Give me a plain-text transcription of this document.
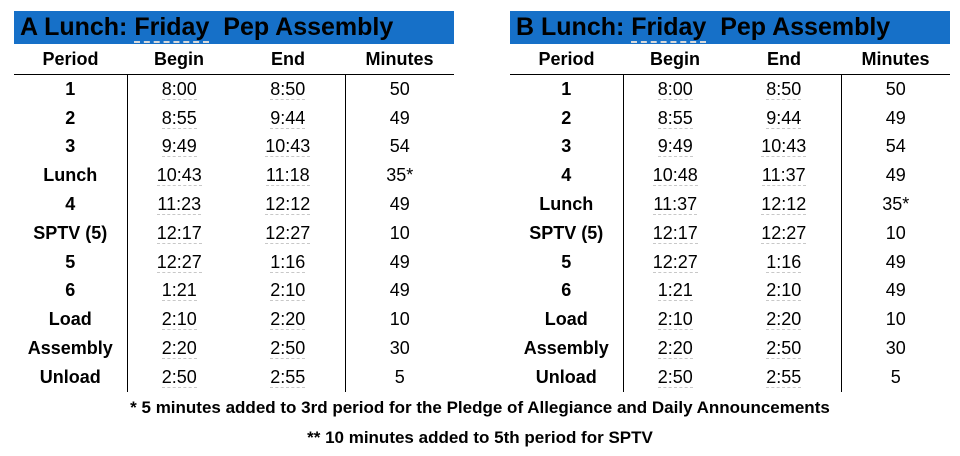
A Lunch: Friday Pep Assembly
Period	Begin	End	Minutes
1	8:00	8:50	50
2	8:55	9:44	49
3	9:49	10:43	54
Lunch	10:43	11:18	35*
4	11:23	12:12	49
SPTV (5)	12:17	12:27	10
5	12:27	1:16	49
6	1:21	2:10	49
Load	2:10	2:20	10
Assembly	2:20	2:50	30
Unload	2:50	2:55	5
B Lunch: Friday Pep Assembly
Period	Begin	End	Minutes
1	8:00	8:50	50
2	8:55	9:44	49
3	9:49	10:43	54
4	10:48	11:37	49
Lunch	11:37	12:12	35*
SPTV (5)	12:17	12:27	10
5	12:27	1:16	49
6	1:21	2:10	49
Load	2:10	2:20	10
Assembly	2:20	2:50	30
Unload	2:50	2:55	5
* 5 minutes added to 3rd period for the Pledge of Allegiance and Daily Announcements
** 10 minutes added to 5th period for SPTV
